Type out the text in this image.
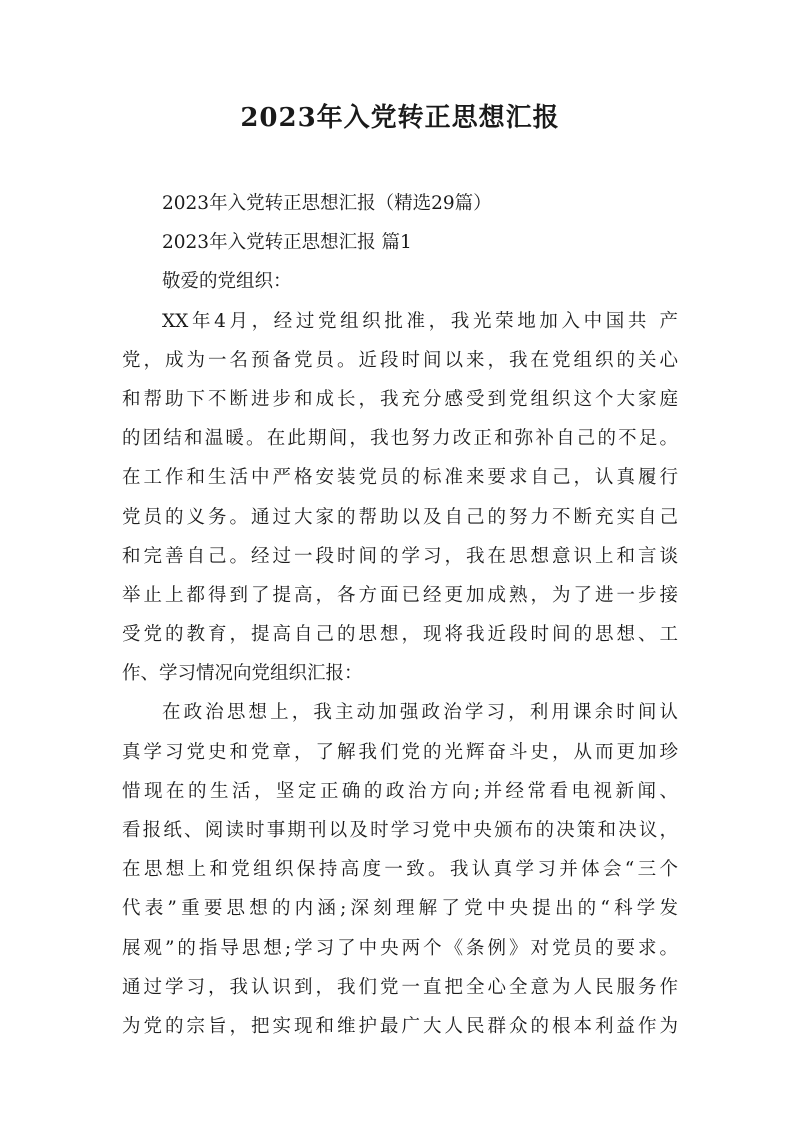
2023年入党转正思想汇报
2023年入党转正思想汇报（精选29篇）
2023年入党转正思想汇报 篇1
敬爱的党组织：
XX年4月，经过党组织批准，我光荣地加入中国共 产
党，成为一名预备党员。近段时间以来，我在党组织的关心
和帮助下不断进步和成长，我充分感受到党组织这个大家庭
的团结和温暖。在此期间，我也努力改正和弥补自己的不足。
在工作和生活中严格安装党员的标准来要求自己，认真履行
党员的义务。通过大家的帮助以及自己的努力不断充实自己
和完善自己。经过一段时间的学习，我在思想意识上和言谈
举止上都得到了提高，各方面已经更加成熟，为了进一步接
受党的教育，提高自己的思想，现将我近段时间的思想、工
作、学习情况向党组织汇报：
在政治思想上，我主动加强政治学习，利用课余时间认
真学习党史和党章，了解我们党的光辉奋斗史，从而更加珍
惜现在的生活，坚定正确的政治方向;并经常看电视新闻、
看报纸、阅读时事期刊以及时学习党中央颁布的决策和决议，
在思想上和党组织保持高度一致。我认真学习并体会“三个
代表”重要思想的内涵;深刻理解了党中央提出的“科学发
展观”的指导思想;学习了中央两个《条例》对党员的要求。
通过学习，我认识到，我们党一直把全心全意为人民服务作
为党的宗旨，把实现和维护最广大人民群众的根本利益作为
